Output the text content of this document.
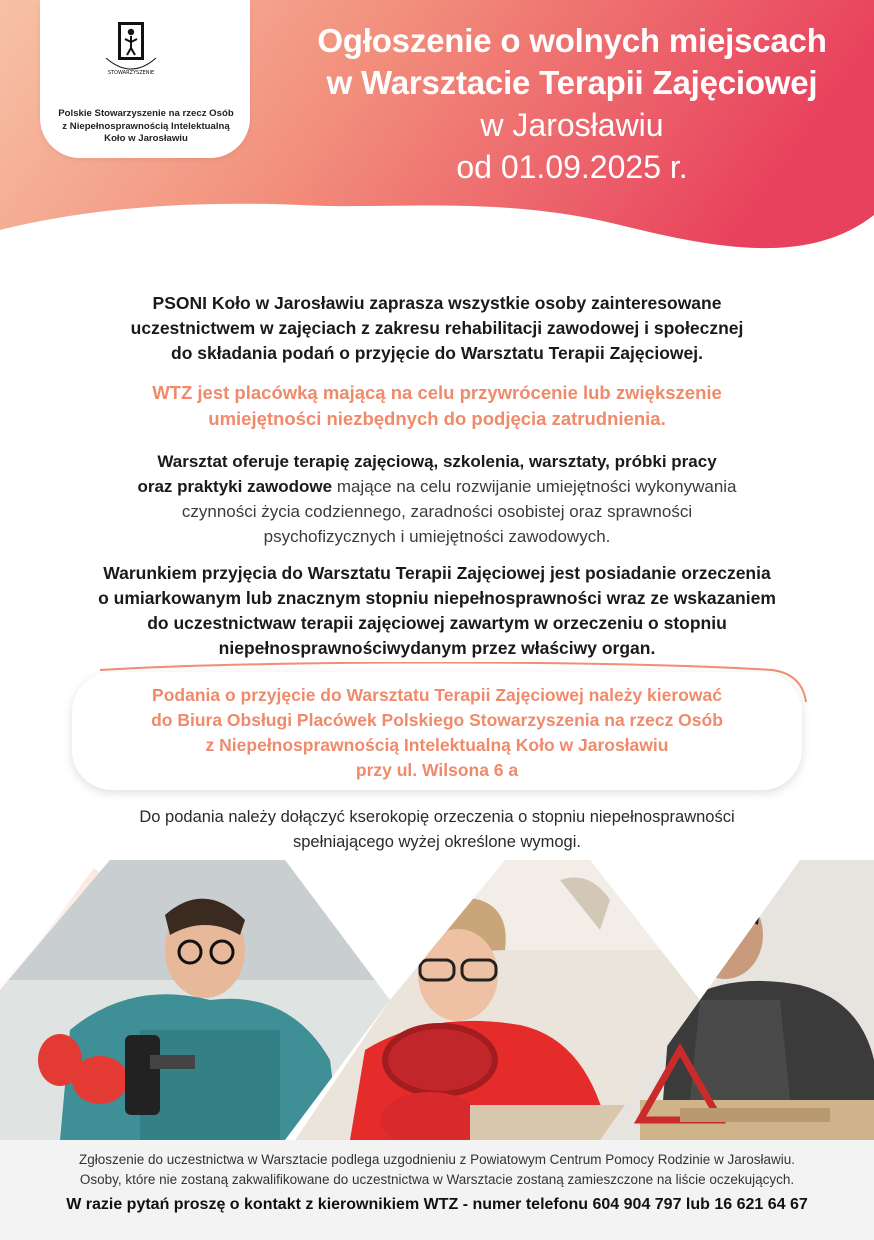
STOWARZYSZENIE
Polskie Stowarzyszenie na rzecz Osób
z Niepełnosprawnością Intelektualną
Koło w Jarosławiu
Ogłoszenie o wolnych miejscach
w Warsztacie Terapii Zajęciowej
w Jarosławiu
od 01.09.2025 r.
PSONI Koło w Jarosławiu zaprasza wszystkie osoby zainteresowane
uczestnictwem w zajęciach z zakresu rehabilitacji zawodowej i społecznej
do składania podań o przyjęcie do Warsztatu Terapii Zajęciowej.
WTZ jest placówką mającą na celu przywrócenie lub zwiększenie
umiejętności niezbędnych do podjęcia zatrudnienia.
Warsztat oferuje terapię zajęciową, szkolenia, warsztaty, próbki pracy
oraz praktyki zawodowe mające na celu rozwijanie umiejętności wykonywania
czynności życia codziennego, zaradności osobistej oraz sprawności
psychofizycznych i umiejętności zawodowych.
Warunkiem przyjęcia do Warsztatu Terapii Zajęciowej jest posiadanie orzeczenia
o umiarkowanym lub znacznym stopniu niepełnosprawności wraz ze wskazaniem
do uczestnictwaw terapii zajęciowej zawartym w orzeczeniu o stopniu
niepełnosprawnościwydanym przez właściwy organ.
Podania o przyjęcie do Warsztatu Terapii Zajęciowej należy kierować
do Biura Obsługi Placówek Polskiego Stowarzyszenia na rzecz Osób
z Niepełnosprawnością Intelektualną Koło w Jarosławiu
przy ul. Wilsona 6 a
Do podania należy dołączyć kserokopię orzeczenia o stopniu niepełnosprawności
spełniającego wyżej określone wymogi.
Zgłoszenie do uczestnictwa w Warsztacie podlega uzgodnieniu z Powiatowym Centrum Pomocy Rodzinie w Jarosławiu.
Osoby, które nie zostaną zakwalifikowane do uczestnictwa w Warsztacie zostaną zamieszczone na liście oczekujących.
W razie pytań proszę o kontakt z kierownikiem WTZ - numer telefonu 604 904 797 lub 16 621 64 67
